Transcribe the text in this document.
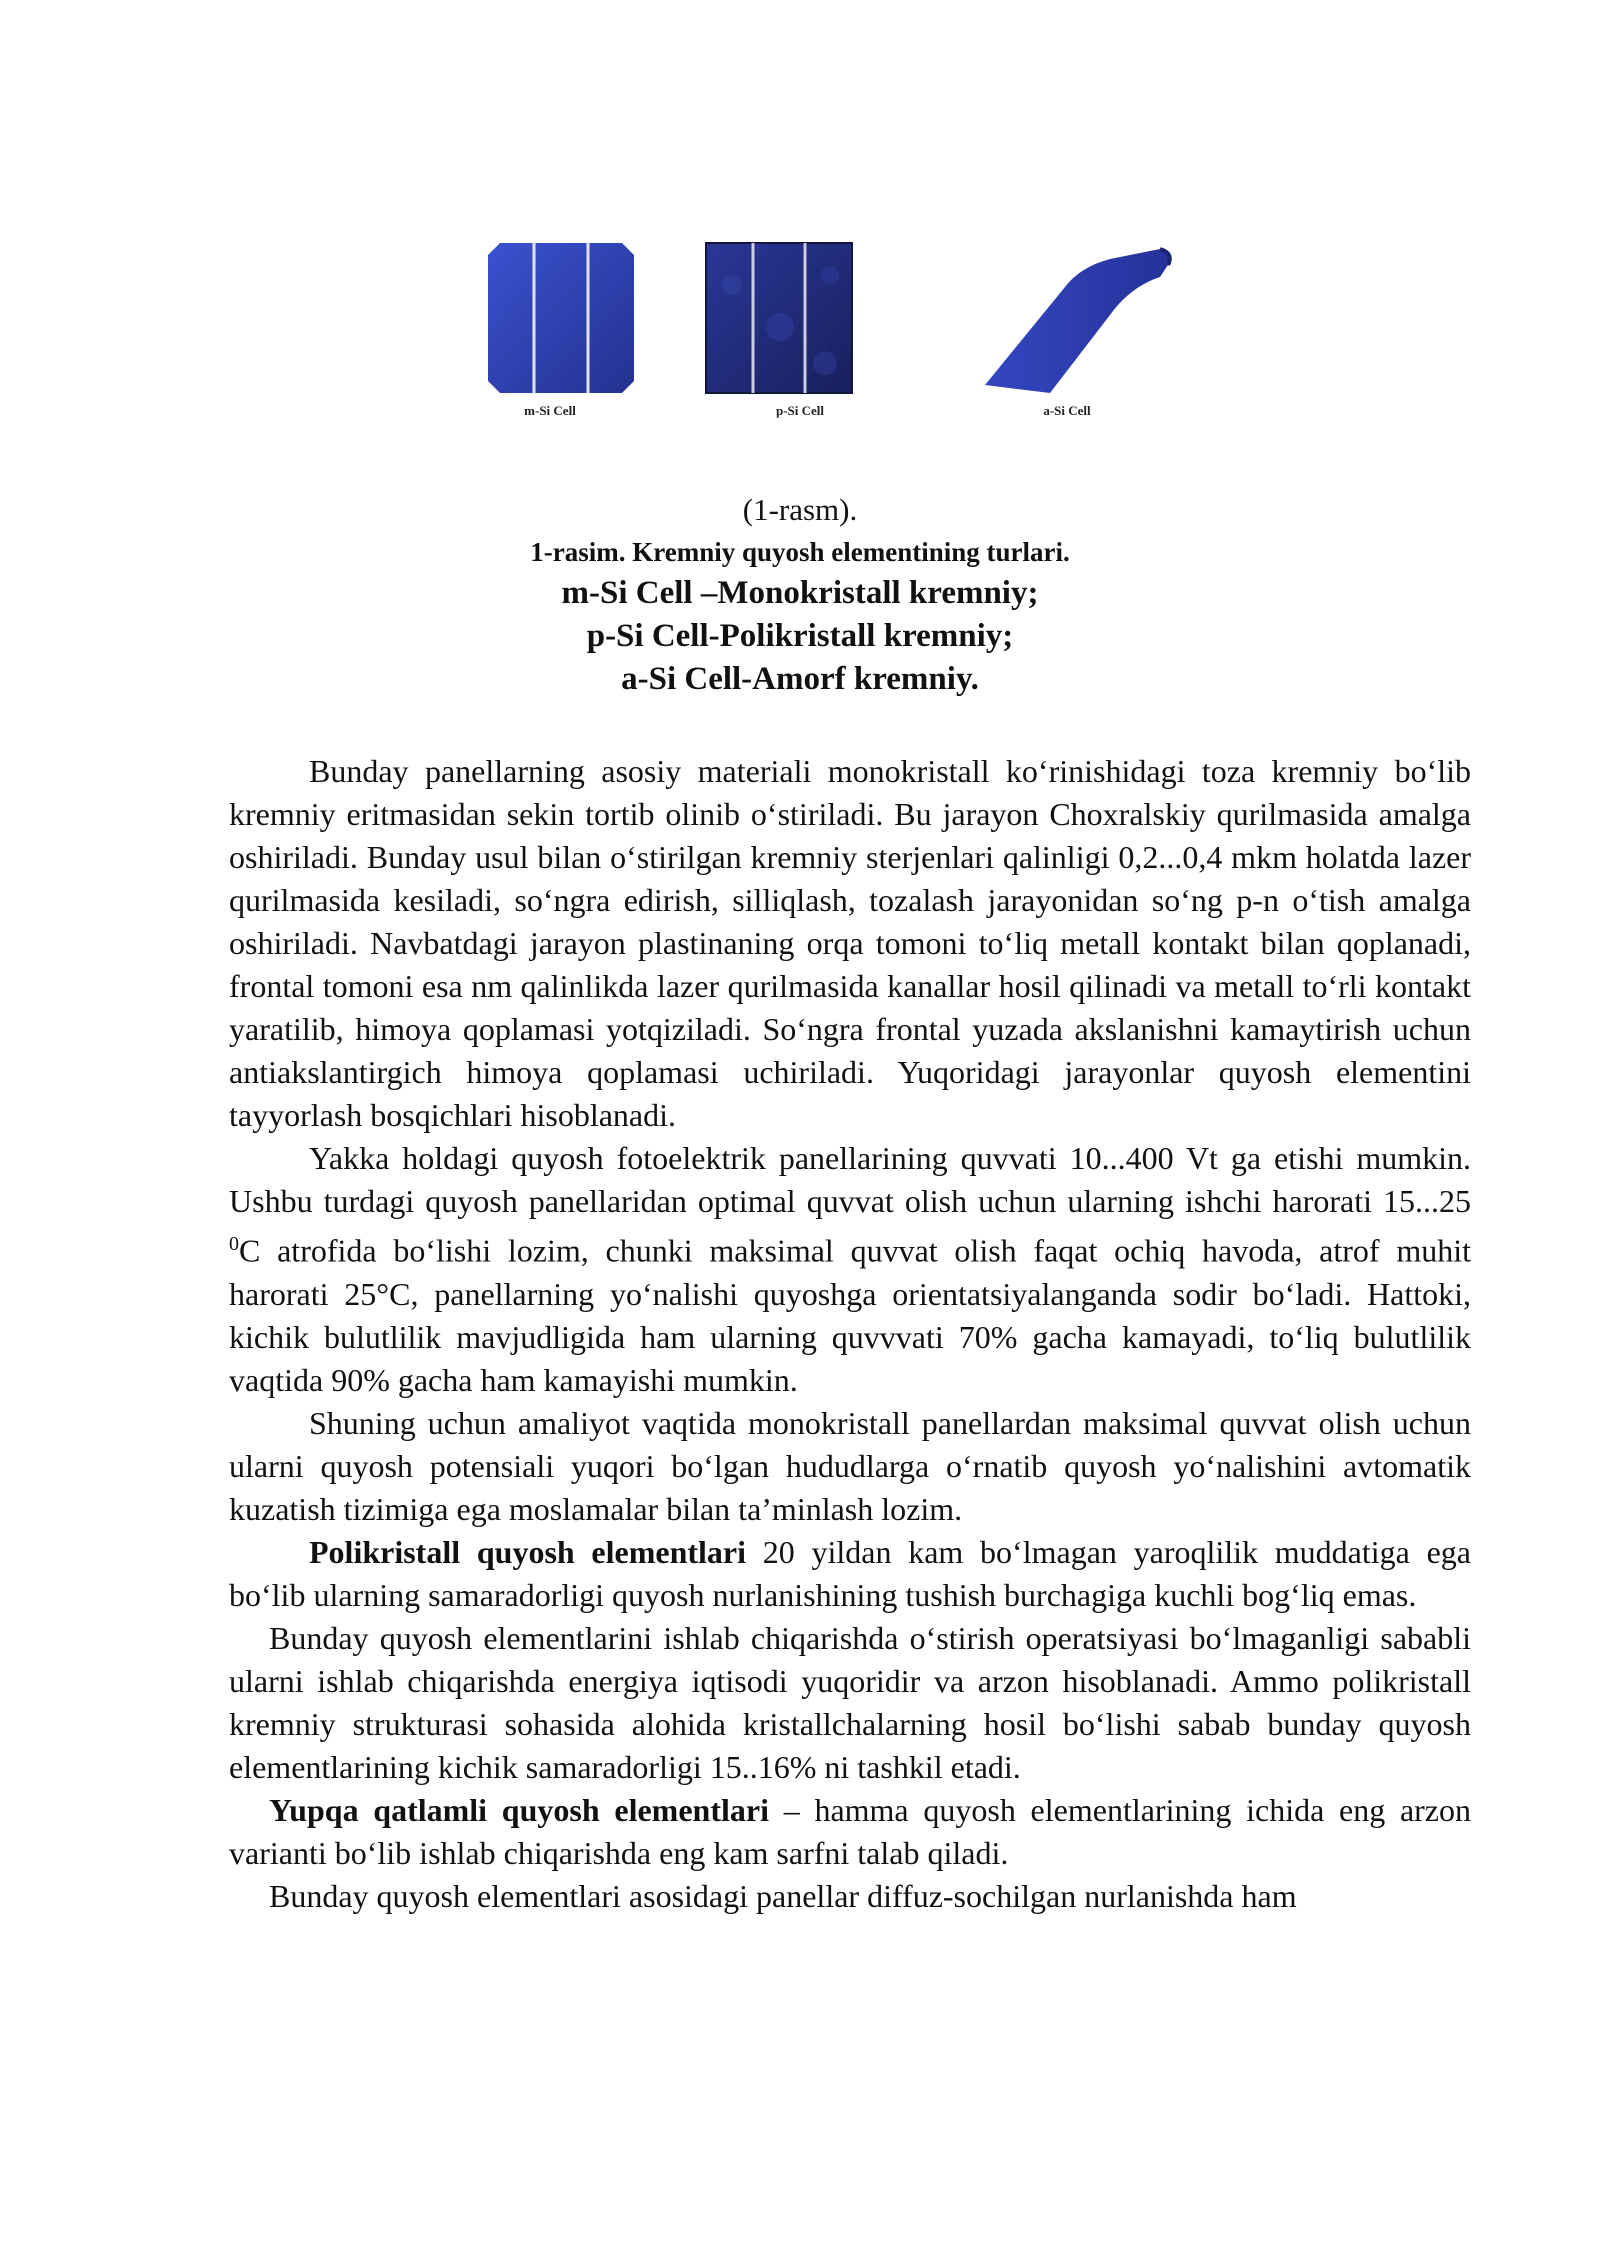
m-Si Cell	p-Si Cell	a-Si Cell
(1-rasm).
1-rasim. Kremniy quyosh elementining turlari.
m-Si Cell –Monokristall kremniy;
p-Si Cell-Polikristall kremniy;
a-Si Cell-Amorf kremniy.

Bunday panellarning asosiy materiali monokristall ko‘rinishidagi toza kremniy bo‘lib kremniy eritmasidan sekin tortib olinib o‘stiriladi. Bu jarayon Choxralskiy qurilmasida amalga oshiriladi. Bunday usul bilan o‘stirilgan kremniy sterjenlari qalinligi 0,2...0,4 mkm holatda lazer qurilmasida kesiladi, so‘ngra edirish, silliqlash, tozalash jarayonidan so‘ng p-n o‘tish amalga oshiriladi. Navbatdagi jarayon plastinaning orqa tomoni to‘liq metall kontakt bilan qoplanadi, frontal tomoni esa nm qalinlikda lazer qurilmasida kanallar hosil qilinadi va metall to‘rli kontakt yaratilib, himoya qoplamasi yotqiziladi. So‘ngra frontal yuzada akslanishni kamaytirish uchun antiakslantirgich himoya qoplamasi uchiriladi. Yuqoridagi jarayonlar quyosh elementini tayyorlash bosqichlari hisoblanadi.

Yakka holdagi quyosh fotoelektrik panellarining quvvati 10...400 Vt ga etishi mumkin. Ushbu turdagi quyosh panellaridan optimal quvvat olish uchun ularning ishchi harorati 15...25 $^0$C atrofida bo‘lishi lozim, chunki maksimal quvvat olish faqat ochiq havoda, atrof muhit harorati 25°C, panellarning yo‘nalishi quyoshga orientatsiyalanganda sodir bo‘ladi. Hattoki, kichik bulutlilik mavjudligida ham ularning quvvvati 70% gacha kamayadi, to‘liq bulutlilik vaqtida 90% gacha ham kamayishi mumkin.

Shuning uchun amaliyot vaqtida monokristall panellardan maksimal quvvat olish uchun ularni quyosh potensiali yuqori bo‘lgan hududlarga o‘rnatib quyosh yo‘nalishini avtomatik kuzatish tizimiga ega moslamalar bilan ta’minlash lozim.

Polikristall quyosh elementlari 20 yildan kam bo‘lmagan yaroqlilik muddatiga ega bo‘lib ularning samaradorligi quyosh nurlanishining tushish burchagiga kuchli bog‘liq emas.

Bunday quyosh elementlarini ishlab chiqarishda o‘stirish operatsiyasi bo‘lmaganligi sababli ularni ishlab chiqarishda energiya iqtisodi yuqoridir va arzon hisoblanadi. Ammo polikristall kremniy strukturasi sohasida alohida kristallchalarning hosil bo‘lishi sabab bunday quyosh elementlarining kichik samaradorligi 15..16% ni tashkil etadi.

Yupqa qatlamli quyosh elementlari – hamma quyosh elementlarining ichida eng arzon varianti bo‘lib ishlab chiqarishda eng kam sarfni talab qiladi.

Bunday quyosh elementlari asosidagi panellar diffuz-sochilgan nurlanishda ham
